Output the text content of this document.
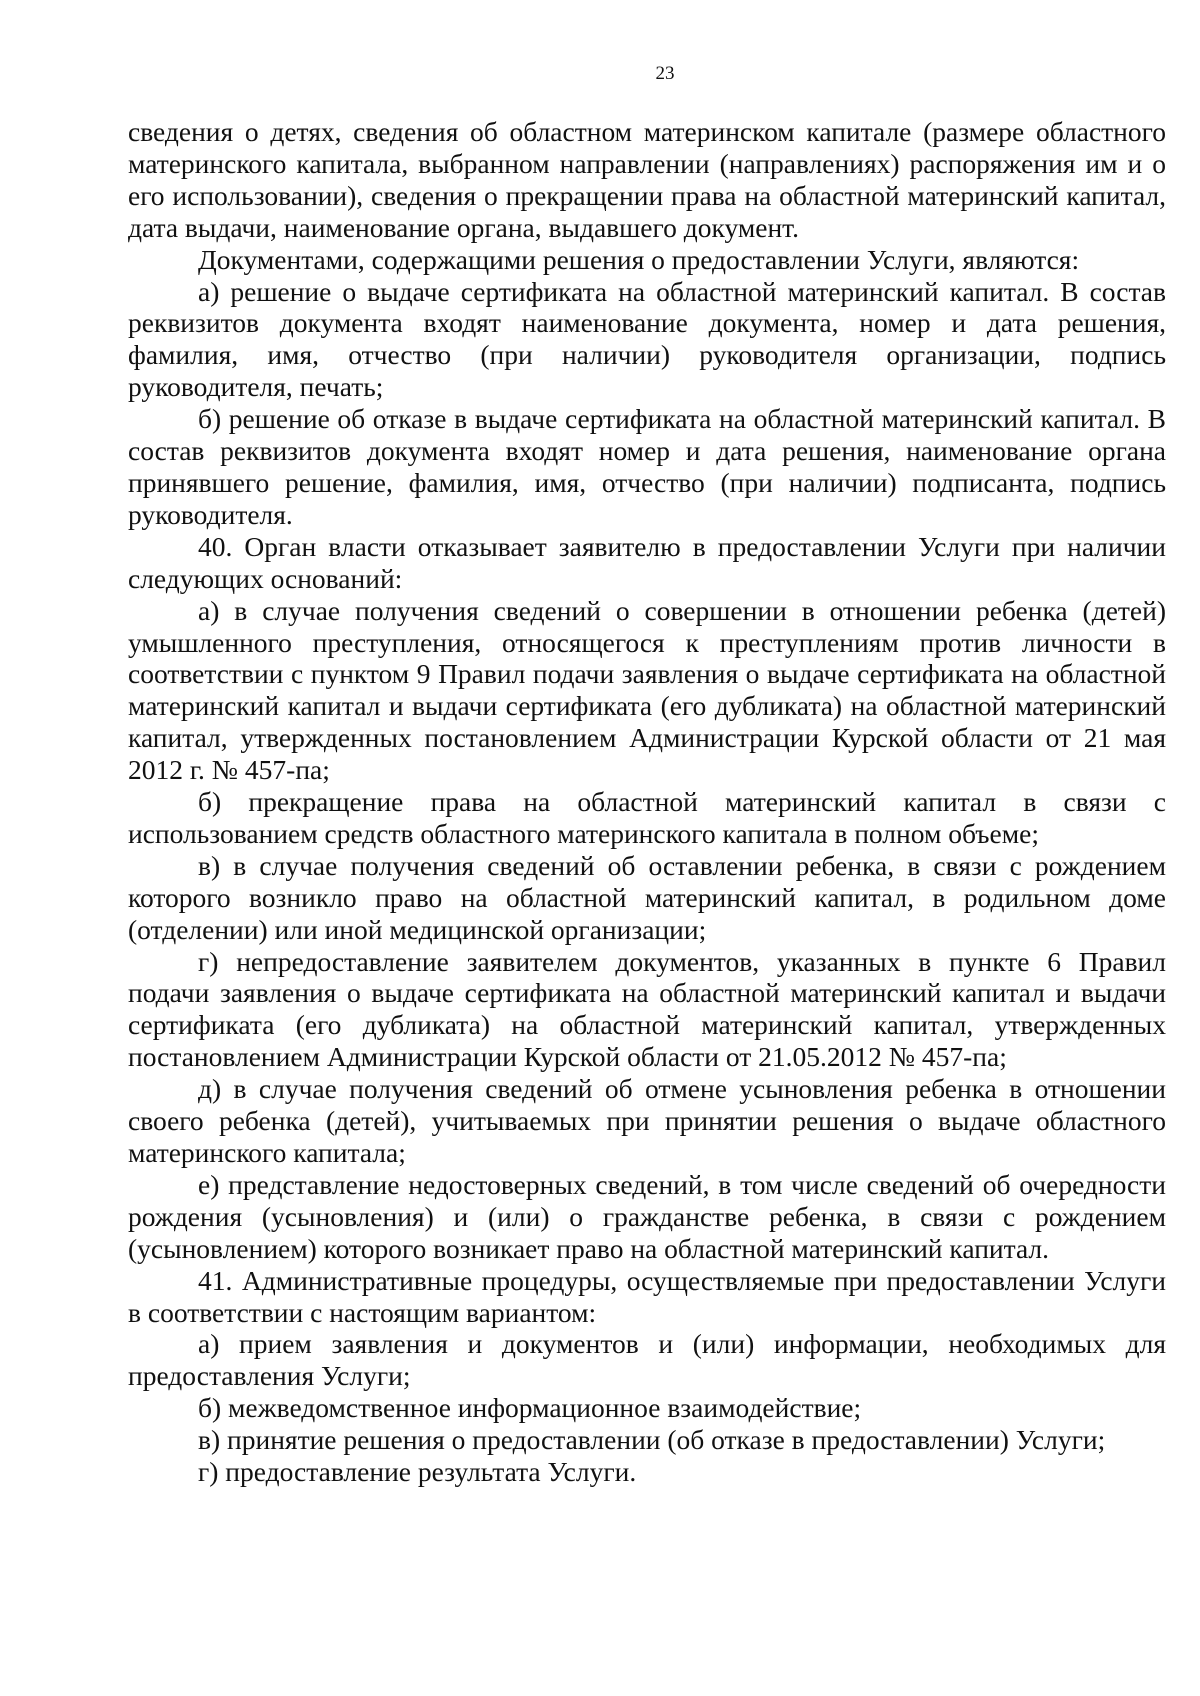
23

сведения о детях, сведения об областном материнском капитале (размере областного материнского капитала, выбранном направлении (направлениях) распоряжения им и о его использовании), сведения о прекращении права на областной материнский капитал, дата выдачи, наименование органа, выдавшего документ.

Документами, содержащими решения о предоставлении Услуги, являются:

а) решение о выдаче сертификата на областной материнский капитал. В состав реквизитов документа входят наименование документа, номер и дата решения, фамилия, имя, отчество (при наличии) руководителя организации, подпись руководителя, печать;

б) решение об отказе в выдаче сертификата на областной материнский капитал. В состав реквизитов документа входят номер и дата решения, наименование органа принявшего решение, фамилия, имя, отчество (при наличии) подписанта, подпись руководителя.

40. Орган власти отказывает заявителю в предоставлении Услуги при наличии следующих оснований:

а) в случае получения сведений о совершении в отношении ребенка (детей) умышленного преступления, относящегося к преступлениям против личности в соответствии с пунктом 9 Правил подачи заявления о выдаче сертификата на областной материнский капитал и выдачи сертификата (его дубликата) на областной материнский капитал, утвержденных постановлением Администрации Курской области от 21 мая 2012 г. № 457-па;

б) прекращение права на областной материнский капитал в связи с использованием средств областного материнского капитала в полном объеме;

в) в случае получения сведений об оставлении ребенка, в связи с рождением которого возникло право на областной материнский капитал, в родильном доме (отделении) или иной медицинской организации;

г) непредоставление заявителем документов, указанных в пункте 6 Правил подачи заявления о выдаче сертификата на областной материнский капитал и выдачи сертификата (его дубликата) на областной материнский капитал, утвержденных постановлением Администрации Курской области от 21.05.2012 № 457-па;

д) в случае получения сведений об отмене усыновления ребенка в отношении своего ребенка (детей), учитываемых при принятии решения о выдаче областного материнского капитала;

е) представление недостоверных сведений, в том числе сведений об очередности рождения (усыновления) и (или) о гражданстве ребенка, в связи с рождением (усыновлением) которого возникает право на областной материнский капитал.

41. Административные процедуры, осуществляемые при предоставлении Услуги в соответствии с настоящим вариантом:

а) прием заявления и документов и (или) информации, необходимых для предоставления Услуги;

б) межведомственное информационное взаимодействие;

в) принятие решения о предоставлении (об отказе в предоставлении) Услуги;

г) предоставление результата Услуги.
